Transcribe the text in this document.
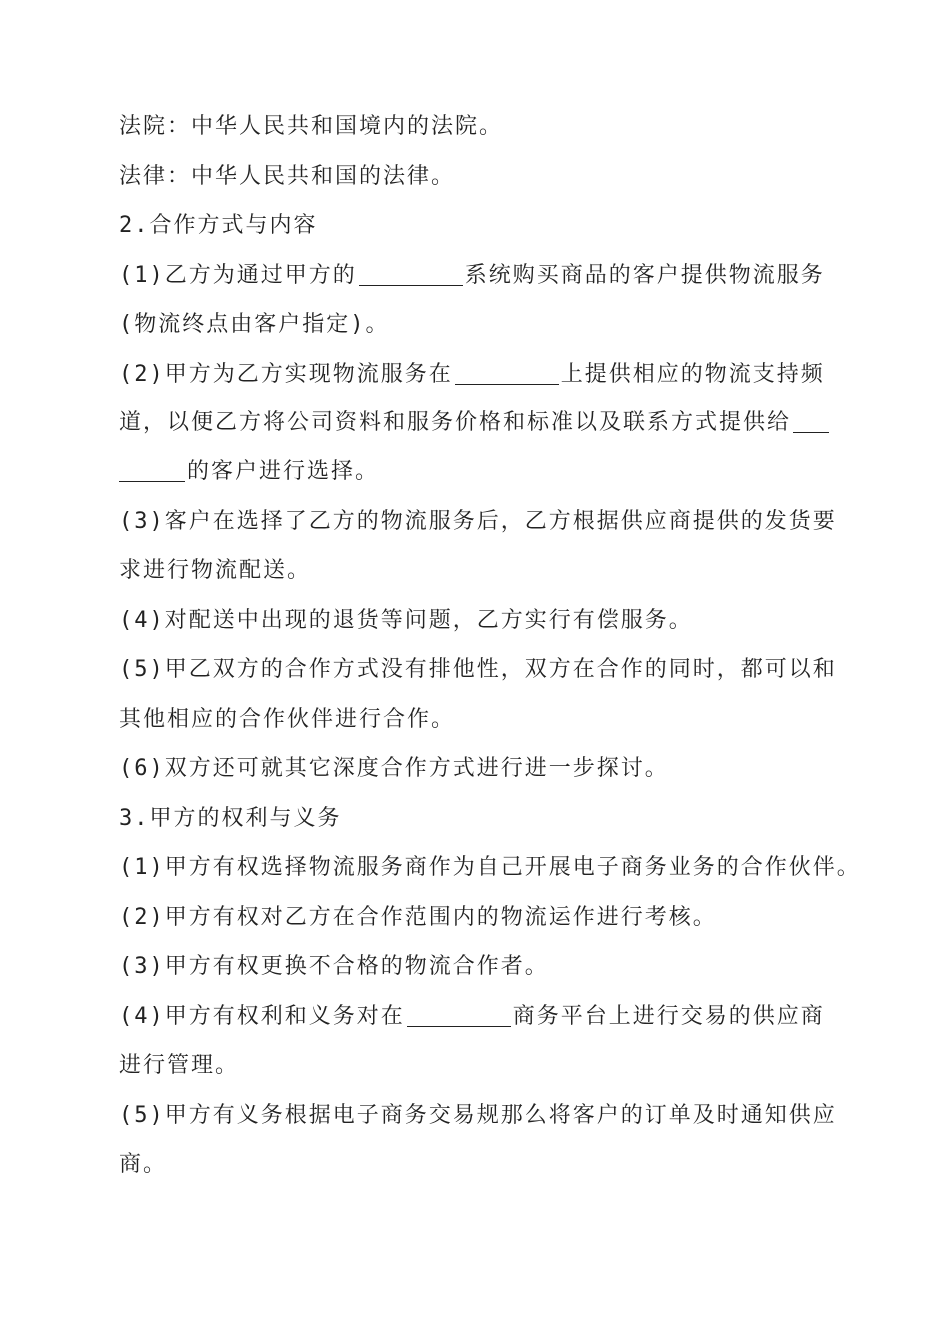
法院：中华人民共和国境内的法院。

法律：中华人民共和国的法律。

2.合作方式与内容

(1)乙方为通过甲方的	系统购买商品的客户提供物流服务

(物流终点由客户指定)。

(2)甲方为乙方实现物流服务在	上提供相应的物流支持频

道，以便乙方将公司资料和服务价格和标准以及联系方式提供给

的客户进行选择。

(3)客户在选择了乙方的物流服务后，乙方根据供应商提供的发货要

求进行物流配送。

(4)对配送中出现的退货等问题，乙方实行有偿服务。

(5)甲乙双方的合作方式没有排他性，双方在合作的同时，都可以和

其他相应的合作伙伴进行合作。

(6)双方还可就其它深度合作方式进行进一步探讨。

3.甲方的权利与义务

(1)甲方有权选择物流服务商作为自己开展电子商务业务的合作伙伴。

(2)甲方有权对乙方在合作范围内的物流运作进行考核。

(3)甲方有权更换不合格的物流合作者。

(4)甲方有权利和义务对在	商务平台上进行交易的供应商

进行管理。

(5)甲方有义务根据电子商务交易规那么将客户的订单及时通知供应

商。
